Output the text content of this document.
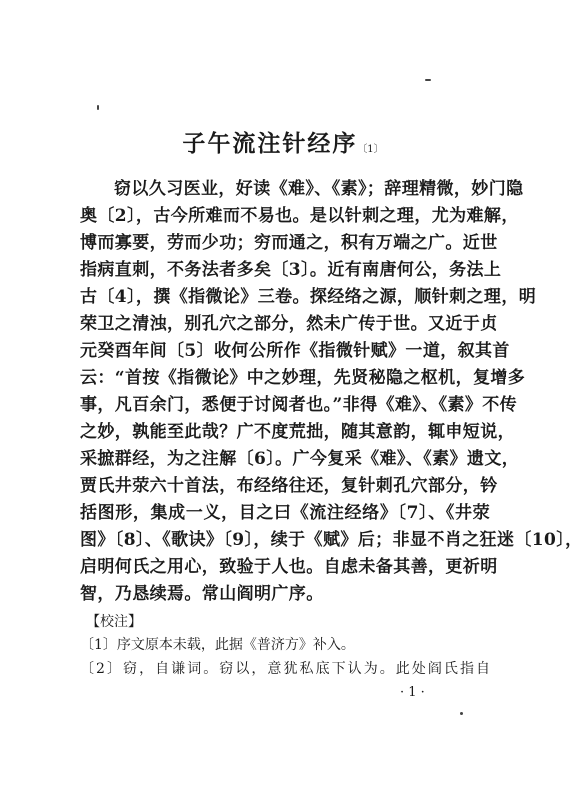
子午流注针经序$^{〔1〕}$
窃以久习医业，好读《难》、《素》；辞理精微，妙门隐
奥〔2〕，古今所难而不易也。是以针刺之理，尤为难解，
博而寡要，劳而少功；穷而通之，积有万端之广。近世
指病直刺，不务法者多矣〔3〕。近有南唐何公，务法上
古〔4〕，撰《指微论》三卷。探经络之源，顺针刺之理，明
荣卫之清浊，别孔穴之部分，然未广传于世。又近于贞
元癸酉年间〔5〕收何公所作《指微针赋》一道，叙其首
云：“首按《指微论》中之妙理，先贤秘隐之枢机，复增多
事，凡百余门，悉便于讨阅者也。”非得《难》、《素》不传
之妙，孰能至此哉？广不度荒拙，随其意韵，辄申短说，
采摭群经，为之注解〔6〕。广今复采《难》、《素》遗文，
贾氏井荥六十首法，布经络往还，复针刺孔穴部分，钤
括图形，集成一义，目之曰《流注经络》〔7〕、《井荥
图》〔8〕、《歌诀》〔9〕，续于《赋》后；非显不肖之狂迷〔10〕，
启明何氏之用心，致验于人也。自虑未备其善，更祈明
智，乃恳续焉。常山阎明广序。
【校注】
〔1〕序文原本未载，此据《普济方》补入。
〔2〕窃，自谦词。窃以，意犹私底下认为。此处阎氏指自
· 1 ·
